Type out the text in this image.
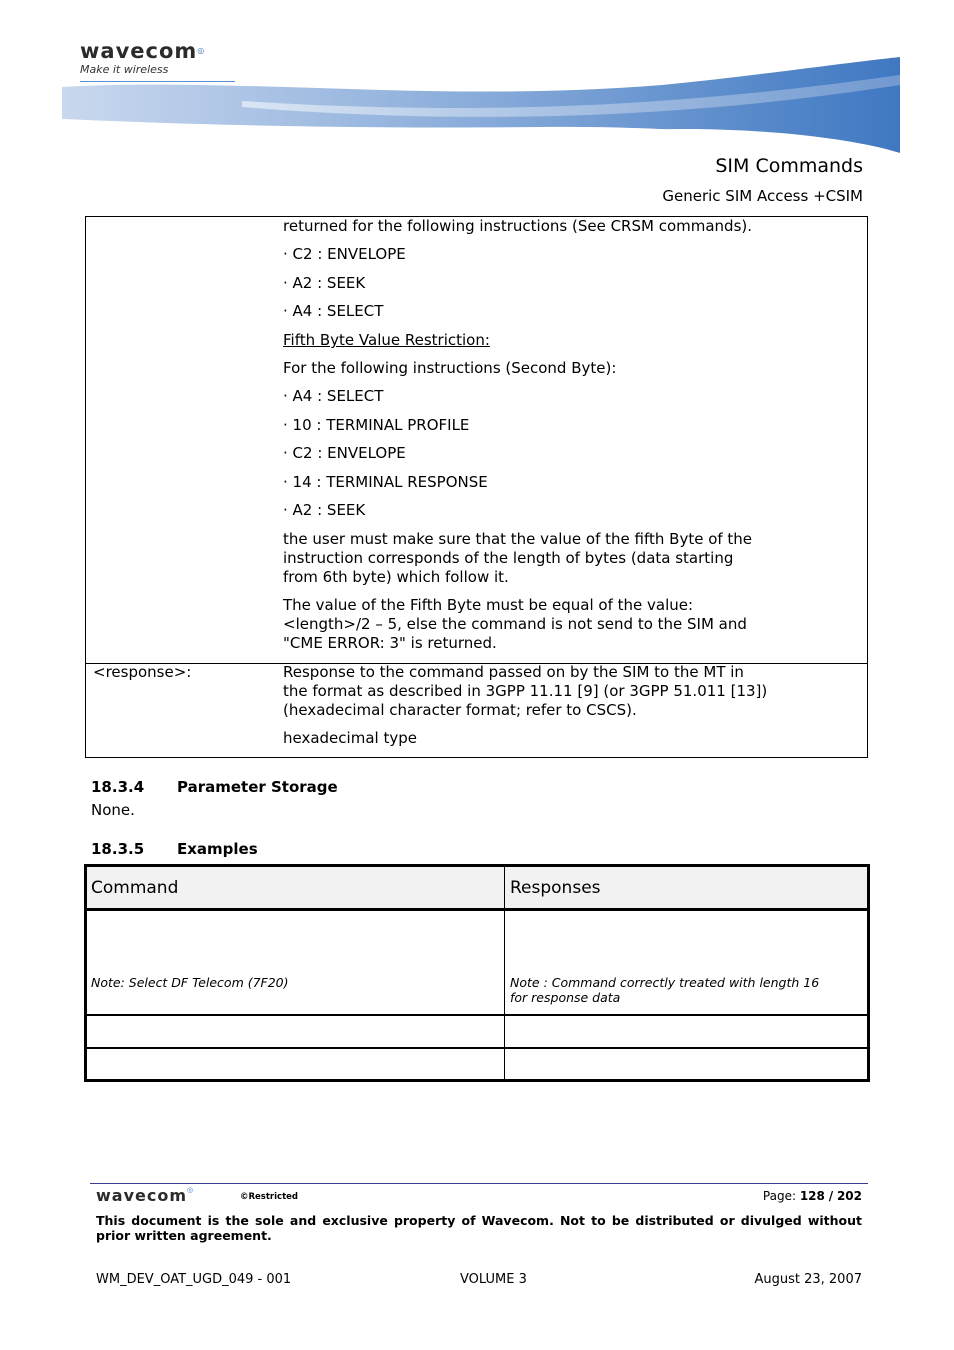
wavecom◎
Make it wireless
SIM Commands
Generic SIM Access +CSIM
returned for the following instructions (See CRSM commands).
· C2 : ENVELOPE
· A2 : SEEK
· A4 : SELECT
Fifth Byte Value Restriction:
For the following instructions (Second Byte):
· A4 : SELECT
· 10 : TERMINAL PROFILE
· C2 : ENVELOPE
· 14 : TERMINAL RESPONSE
· A2 : SEEK
the user must make sure that the value of the fifth Byte of the
instruction corresponds of the length of bytes (data starting
from 6th byte) which follow it.
The value of the Fifth Byte must be equal of the value:
<length>/2 – 5, else the command is not send to the SIM and
"CME ERROR: 3" is returned.
<response>:	Response to the command passed on by the SIM to the MT in
the format as described in 3GPP 11.11 [9] (or 3GPP 51.011 [13])
(hexadecimal character format; refer to CSCS).
hexadecimal type
18.3.4 Parameter Storage
None.
18.3.5 Examples
Command	Responses
Note: Select DF Telecom (7F20)	Note : Command correctly treated with length 16
for response data
wavecom◎
©Restricted	Page: 128 / 202
This document is the sole and exclusive property of Wavecom. Not to be distributed or divulged without prior written agreement.
WM_DEV_OAT_UGD_049 - 001	VOLUME 3	August 23, 2007
